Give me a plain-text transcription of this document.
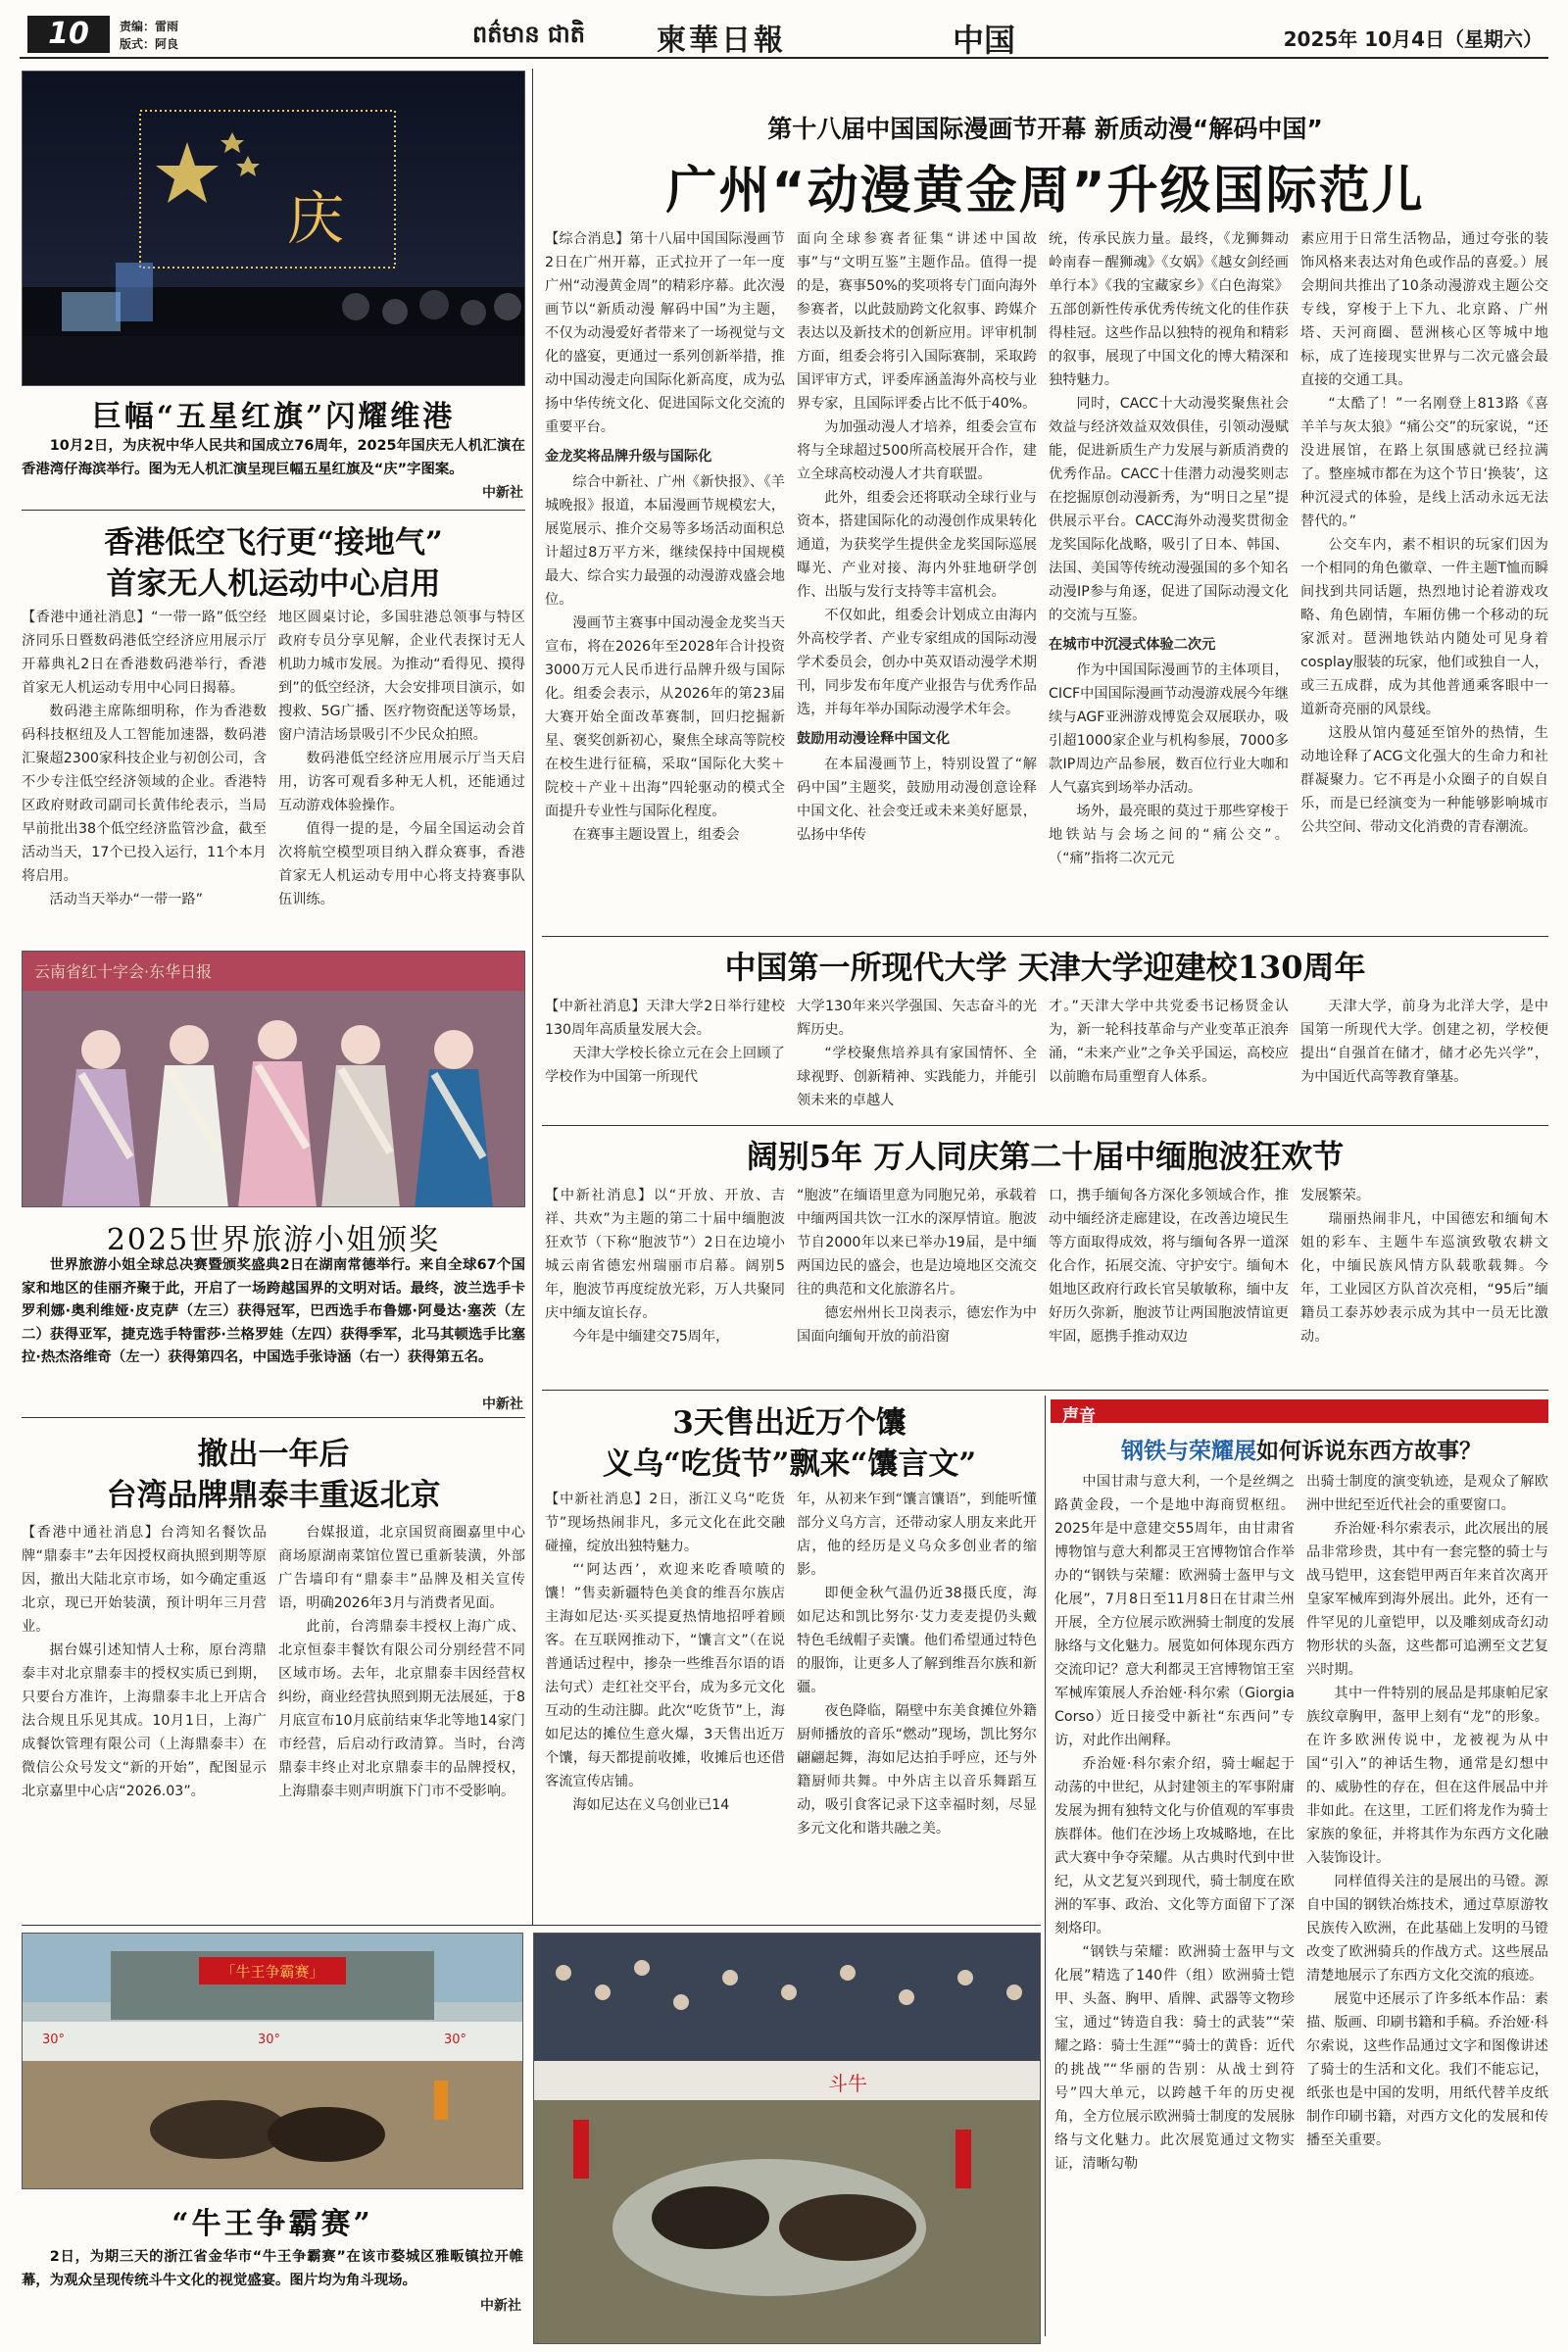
10	责编：雷雨
版式：阿良	ពត៌មាន ជាតិ 柬華日報	中国	2025年 10月4日（星期六）
庆
巨幅“五星红旗”闪耀维港
10月2日，为庆祝中华人民共和国成立76周年，2025年国庆无人机汇演在香港湾仔海滨举行。图为无人机汇演呈现巨幅五星红旗及“庆”字图案。
中新社
香港低空飞行更“接地气”
首家无人机运动中心启用

【香港中通社消息】“一带一路”低空经济同乐日暨数码港低空经济应用展示厅开幕典礼2日在香港数码港举行，香港首家无人机运动专用中心同日揭幕。

数码港主席陈细明称，作为香港数码科技枢纽及人工智能加速器，数码港汇聚超2300家科技企业与初创公司，含不少专注低空经济领域的企业。香港特区政府财政司副司长黄伟纶表示，当局早前批出38个低空经济监管沙盒，截至活动当天，17个已投入运行，11个本月将启用。

活动当天举办“一带一路”

地区圆桌讨论，多国驻港总领事与特区政府专员分享见解，企业代表探讨无人机助力城市发展。为推动“看得见、摸得到”的低空经济，大会安排项目演示，如搜救、5G广播、医疗物资配送等场景，窗户清洁场景吸引不少民众拍照。

数码港低空经济应用展示厅当天启用，访客可观看多种无人机，还能通过互动游戏体验操作。

值得一提的是，今届全国运动会首次将航空模型项目纳入群众赛事，香港首家无人机运动专用中心将支持赛事队伍训练。

云南省红十字会·东华日报
2025世界旅游小姐颁奖
世界旅游小姐全球总决赛暨颁奖盛典2日在湖南常德举行。来自全球67个国家和地区的佳丽齐聚于此，开启了一场跨越国界的文明对话。最终，波兰选手卡罗利娜·奥利维娅·皮克萨（左三）获得冠军，巴西选手布鲁娜·阿曼达·塞茨（左二）获得亚军，捷克选手特雷莎·兰格罗娃（左四）获得季军，北马其顿选手比塞拉·热杰洛维奇（左一）获得第四名，中国选手张诗涵（右一）获得第五名。
中新社
撤出一年后
台湾品牌鼎泰丰重返北京

【香港中通社消息】台湾知名餐饮品牌“鼎泰丰”去年因授权商执照到期等原因，撤出大陆北京市场，如今确定重返北京，现已开始装潢，预计明年三月营业。

据台媒引述知情人士称，原台湾鼎泰丰对北京鼎泰丰的授权实质已到期，只要台方准许，上海鼎泰丰北上开店合法合规且乐见其成。10月1日，上海广成餐饮管理有限公司（上海鼎泰丰）在微信公众号发文“新的开始”，配图显示北京嘉里中心店“2026.03”。

台媒报道，北京国贸商圈嘉里中心商场原湖南菜馆位置已重新装潢，外部广告墙印有“鼎泰丰”品牌及相关宣传语，明确2026年3月与消费者见面。

此前，台湾鼎泰丰授权上海广成、北京恒泰丰餐饮有限公司分别经营不同区域市场。去年，北京鼎泰丰因经营权纠纷，商业经营执照到期无法展延，于8月底宣布10月底前结束华北等地14家门市经营，后启动行政清算。当时，台湾鼎泰丰终止对北京鼎泰丰的品牌授权，上海鼎泰丰则声明旗下门市不受影响。

第十八届中国国际漫画节开幕 新质动漫“解码中国”
广州“动漫黄金周”升级国际范儿

【综合消息】第十八届中国国际漫画节2日在广州开幕，正式拉开了一年一度广州“动漫黄金周”的精彩序幕。此次漫画节以“新质动漫 解码中国”为主题，不仅为动漫爱好者带来了一场视觉与文化的盛宴，更通过一系列创新举措，推动中国动漫走向国际化新高度，成为弘扬中华传统文化、促进国际文化交流的重要平台。

金龙奖将品牌升级与国际化

综合中新社、广州《新快报》、《羊城晚报》报道，本届漫画节规模宏大，展览展示、推介交易等多场活动面积总计超过8万平方米，继续保持中国规模最大、综合实力最强的动漫游戏盛会地位。

漫画节主赛事中国动漫金龙奖当天宣布，将在2026年至2028年合计投资3000万元人民币进行品牌升级与国际化。组委会表示，从2026年的第23届大赛开始全面改革赛制，回归挖掘新星、褒奖创新初心，聚焦全球高等院校在校生进行征稿，采取“国际化大奖＋院校＋产业＋出海”四轮驱动的模式全面提升专业性与国际化程度。

在赛事主题设置上，组委会

面向全球参赛者征集“讲述中国故事”与“文明互鉴”主题作品。值得一提的是，赛事50%的奖项将专门面向海外参赛者，以此鼓励跨文化叙事、跨媒介表达以及新技术的创新应用。评审机制方面，组委会将引入国际赛制，采取跨国评审方式，评委库涵盖海外高校与业界专家，且国际评委占比不低于40%。

为加强动漫人才培养，组委会宣布将与全球超过500所高校展开合作，建立全球高校动漫人才共育联盟。

此外，组委会还将联动全球行业与资本，搭建国际化的动漫创作成果转化通道，为获奖学生提供金龙奖国际巡展曝光、产业对接、海内外驻地研学创作、出版与发行支持等丰富机会。

不仅如此，组委会计划成立由海内外高校学者、产业专家组成的国际动漫学术委员会，创办中英双语动漫学术期刊，同步发布年度产业报告与优秀作品选，并每年举办国际动漫学术年会。

鼓励用动漫诠释中国文化

在本届漫画节上，特别设置了“解码中国”主题奖，鼓励用动漫创意诠释中国文化、社会变迁或未来美好愿景，弘扬中华传

统，传承民族力量。最终，《龙狮舞动岭南春－醒狮魂》《女娲》《越女剑经画单行本》《我的宝藏家乡》《白色海棠》五部创新性传承优秀传统文化的佳作获得桂冠。这些作品以独特的视角和精彩的叙事，展现了中国文化的博大精深和独特魅力。

同时，CACC十大动漫奖聚焦社会效益与经济效益双效俱佳，引领动漫赋能，促进新质生产力发展与新质消费的优秀作品。CACC十佳潜力动漫奖则志在挖掘原创动漫新秀，为“明日之星”提供展示平台。CACC海外动漫奖贯彻金龙奖国际化战略，吸引了日本、韩国、法国、美国等传统动漫强国的多个知名动漫IP参与角逐，促进了国际动漫文化的交流与互鉴。

在城市中沉浸式体验二次元

作为中国国际漫画节的主体项目，CICF中国国际漫画节动漫游戏展今年继续与AGF亚洲游戏博览会双展联办，吸引超1000家企业与机构参展，7000多款IP周边产品参展，数百位行业大咖和人气嘉宾到场举办活动。

场外，最亮眼的莫过于那些穿梭于地铁站与会场之间的“痛公交”。（“痛”指将二次元元

素应用于日常生活物品，通过夸张的装饰风格来表达对角色或作品的喜爱。）展会期间共推出了10条动漫游戏主题公交专线，穿梭于上下九、北京路、广州塔、天河商圈、琶洲核心区等城中地标，成了连接现实世界与二次元盛会最直接的交通工具。

“太酷了！”一名刚登上813路《喜羊羊与灰太狼》“痛公交”的玩家说，“还没进展馆，在路上氛围感就已经拉满了。整座城市都在为这个节日‘换装’，这种沉浸式的体验，是线上活动永远无法替代的。”

公交车内，素不相识的玩家们因为一个相同的角色徽章、一件主题T恤而瞬间找到共同话题，热烈地讨论着游戏攻略、角色剧情，车厢仿佛一个移动的玩家派对。琶洲地铁站内随处可见身着cosplay服装的玩家，他们或独自一人，或三五成群，成为其他普通乘客眼中一道新奇亮丽的风景线。

这股从馆内蔓延至馆外的热情，生动地诠释了ACG文化强大的生命力和社群凝聚力。它不再是小众圈子的自娱自乐，而是已经演变为一种能够影响城市公共空间、带动文化消费的青春潮流。

中国第一所现代大学 天津大学迎建校130周年

【中新社消息】天津大学2日举行建校130周年高质量发展大会。

天津大学校长徐立元在会上回顾了学校作为中国第一所现代

大学130年来兴学强国、矢志奋斗的光辉历史。

“学校聚焦培养具有家国情怀、全球视野、创新精神、实践能力，并能引领未来的卓越人

才。”天津大学中共党委书记杨贤金认为，新一轮科技革命与产业变革正浪奔涌，“未来产业”之争关乎国运，高校应以前瞻布局重塑育人体系。

天津大学，前身为北洋大学，是中国第一所现代大学。创建之初，学校便提出“自强首在储才，储才必先兴学”，为中国近代高等教育肇基。

阔别5年 万人同庆第二十届中缅胞波狂欢节

【中新社消息】以“开放、开放、吉祥、共欢”为主题的第二十届中缅胞波狂欢节（下称“胞波节”）2日在边境小城云南省德宏州瑞丽市启幕。阔别5年，胞波节再度绽放光彩，万人共聚同庆中缅友谊长存。

今年是中缅建交75周年，

“胞波”在缅语里意为同胞兄弟，承载着中缅两国共饮一江水的深厚情谊。胞波节自2000年以来已举办19届，是中缅两国边民的盛会，也是边境地区交流交往的典范和文化旅游名片。

德宏州州长卫岗表示，德宏作为中国面向缅甸开放的前沿窗

口，携手缅甸各方深化多领域合作，推动中缅经济走廊建设，在改善边境民生等方面取得成效，将与缅甸各界一道深化合作，拓展交流、守护安宁。缅甸木姐地区政府行政长官吴敏敏称，缅中友好历久弥新，胞波节让两国胞波情谊更牢固，愿携手推动双边

发展繁荣。

瑞丽热闹非凡，中国德宏和缅甸木姐的彩车、主题牛车巡演致敬农耕文化，中缅民族风情方队载歌载舞。今年，工业园区方队首次亮相，“95后”缅籍员工泰苏妙表示成为其中一员无比激动。

3天售出近万个馕
义乌“吃货节”飘来“馕言文”

【中新社消息】2日，浙江义乌“吃货节”现场热闹非凡，多元文化在此交融碰撞，绽放出独特魅力。

“‘阿达西’，欢迎来吃香喷喷的馕！”售卖新疆特色美食的维吾尔族店主海如尼达·买买提夏热情地招呼着顾客。在互联网推动下，“馕言文”（在说普通话过程中，掺杂一些维吾尔语的语法句式）走红社交平台，成为多元文化互动的生动注脚。此次“吃货节”上，海如尼达的摊位生意火爆，3天售出近万个馕，每天都提前收摊，收摊后也还借客流宣传店铺。

海如尼达在义乌创业已14

年，从初来乍到“馕言馕语”，到能听懂部分义乌方言，还带动家人朋友来此开店，他的经历是义乌众多创业者的缩影。

即便金秋气温仍近38摄氏度，海如尼达和凯比努尔·艾力麦麦提仍头戴特色毛绒帽子卖馕。他们希望通过特色的服饰，让更多人了解到维吾尔族和新疆。

夜色降临，隔壁中东美食摊位外籍厨师播放的音乐“燃动”现场，凯比努尔翩翩起舞，海如尼达拍手呼应，还与外籍厨师共舞。中外店主以音乐舞蹈互动，吸引食客记录下这幸福时刻，尽显多元文化和谐共融之美。

声音
钢铁与荣耀展如何诉说东西方故事？

中国甘肃与意大利，一个是丝绸之路黄金段，一个是地中海商贸枢纽。2025年是中意建交55周年，由甘肃省博物馆与意大利都灵王宫博物馆合作举办的“钢铁与荣耀：欧洲骑士盔甲与文化展”，7月8日至11月8日在甘肃兰州开展，全方位展示欧洲骑士制度的发展脉络与文化魅力。展览如何体现东西方交流印记？意大利都灵王宫博物馆王室军械库策展人乔治娅·科尔索（Giorgia Corso）近日接受中新社“东西问”专访，对此作出阐释。

乔治娅·科尔索介绍，骑士崛起于动荡的中世纪，从封建领主的军事附庸发展为拥有独特文化与价值观的军事贵族群体。他们在沙场上攻城略地，在比武大赛中争夺荣耀。从古典时代到中世纪，从文艺复兴到现代，骑士制度在欧洲的军事、政治、文化等方面留下了深刻烙印。

“钢铁与荣耀：欧洲骑士盔甲与文化展”精选了140件（组）欧洲骑士铠甲、头盔、胸甲、盾牌、武器等文物珍宝，通过“铸造自我：骑士的武装”“荣耀之路：骑士生涯”“骑士的黄昏：近代的挑战”“华丽的告别：从战士到符号”四大单元，以跨越千年的历史视角，全方位展示欧洲骑士制度的发展脉络与文化魅力。此次展览通过文物实证，清晰勾勒

出骑士制度的演变轨迹，是观众了解欧洲中世纪至近代社会的重要窗口。

乔治娅·科尔索表示，此次展出的展品非常珍贵，其中有一套完整的骑士与战马铠甲，这套铠甲两百年来首次离开皇家军械库到海外展出。此外，还有一件罕见的儿童铠甲，以及雕刻成奇幻动物形状的头盔，这些都可追溯至文艺复兴时期。

其中一件特别的展品是邦康帕尼家族纹章胸甲，盔甲上刻有“龙”的形象。在许多欧洲传说中，龙被视为从中国“引入”的神话生物，通常是幻想中的、威胁性的存在，但在这件展品中并非如此。在这里，工匠们将龙作为骑士家族的象征，并将其作为东西方文化融入装饰设计。

同样值得关注的是展出的马镫。源自中国的钢铁冶炼技术，通过草原游牧民族传入欧洲，在此基础上发明的马镫改变了欧洲骑兵的作战方式。这些展品清楚地展示了东西方文化交流的痕迹。

展览中还展示了许多纸本作品：素描、版画、印刷书籍和手稿。乔治娅·科尔索说，这些作品通过文字和图像讲述了骑士的生活和文化。我们不能忘记，纸张也是中国的发明，用纸代替羊皮纸制作印刷书籍，对西方文化的发展和传播至关重要。

「牛王争霸赛」
30°	30°	30°
斗牛
“牛王争霸赛”
2日，为期三天的浙江省金华市“牛王争霸赛”在该市婺城区雅畈镇拉开帷幕，为观众呈现传统斗牛文化的视觉盛宴。图片均为角斗现场。
中新社
